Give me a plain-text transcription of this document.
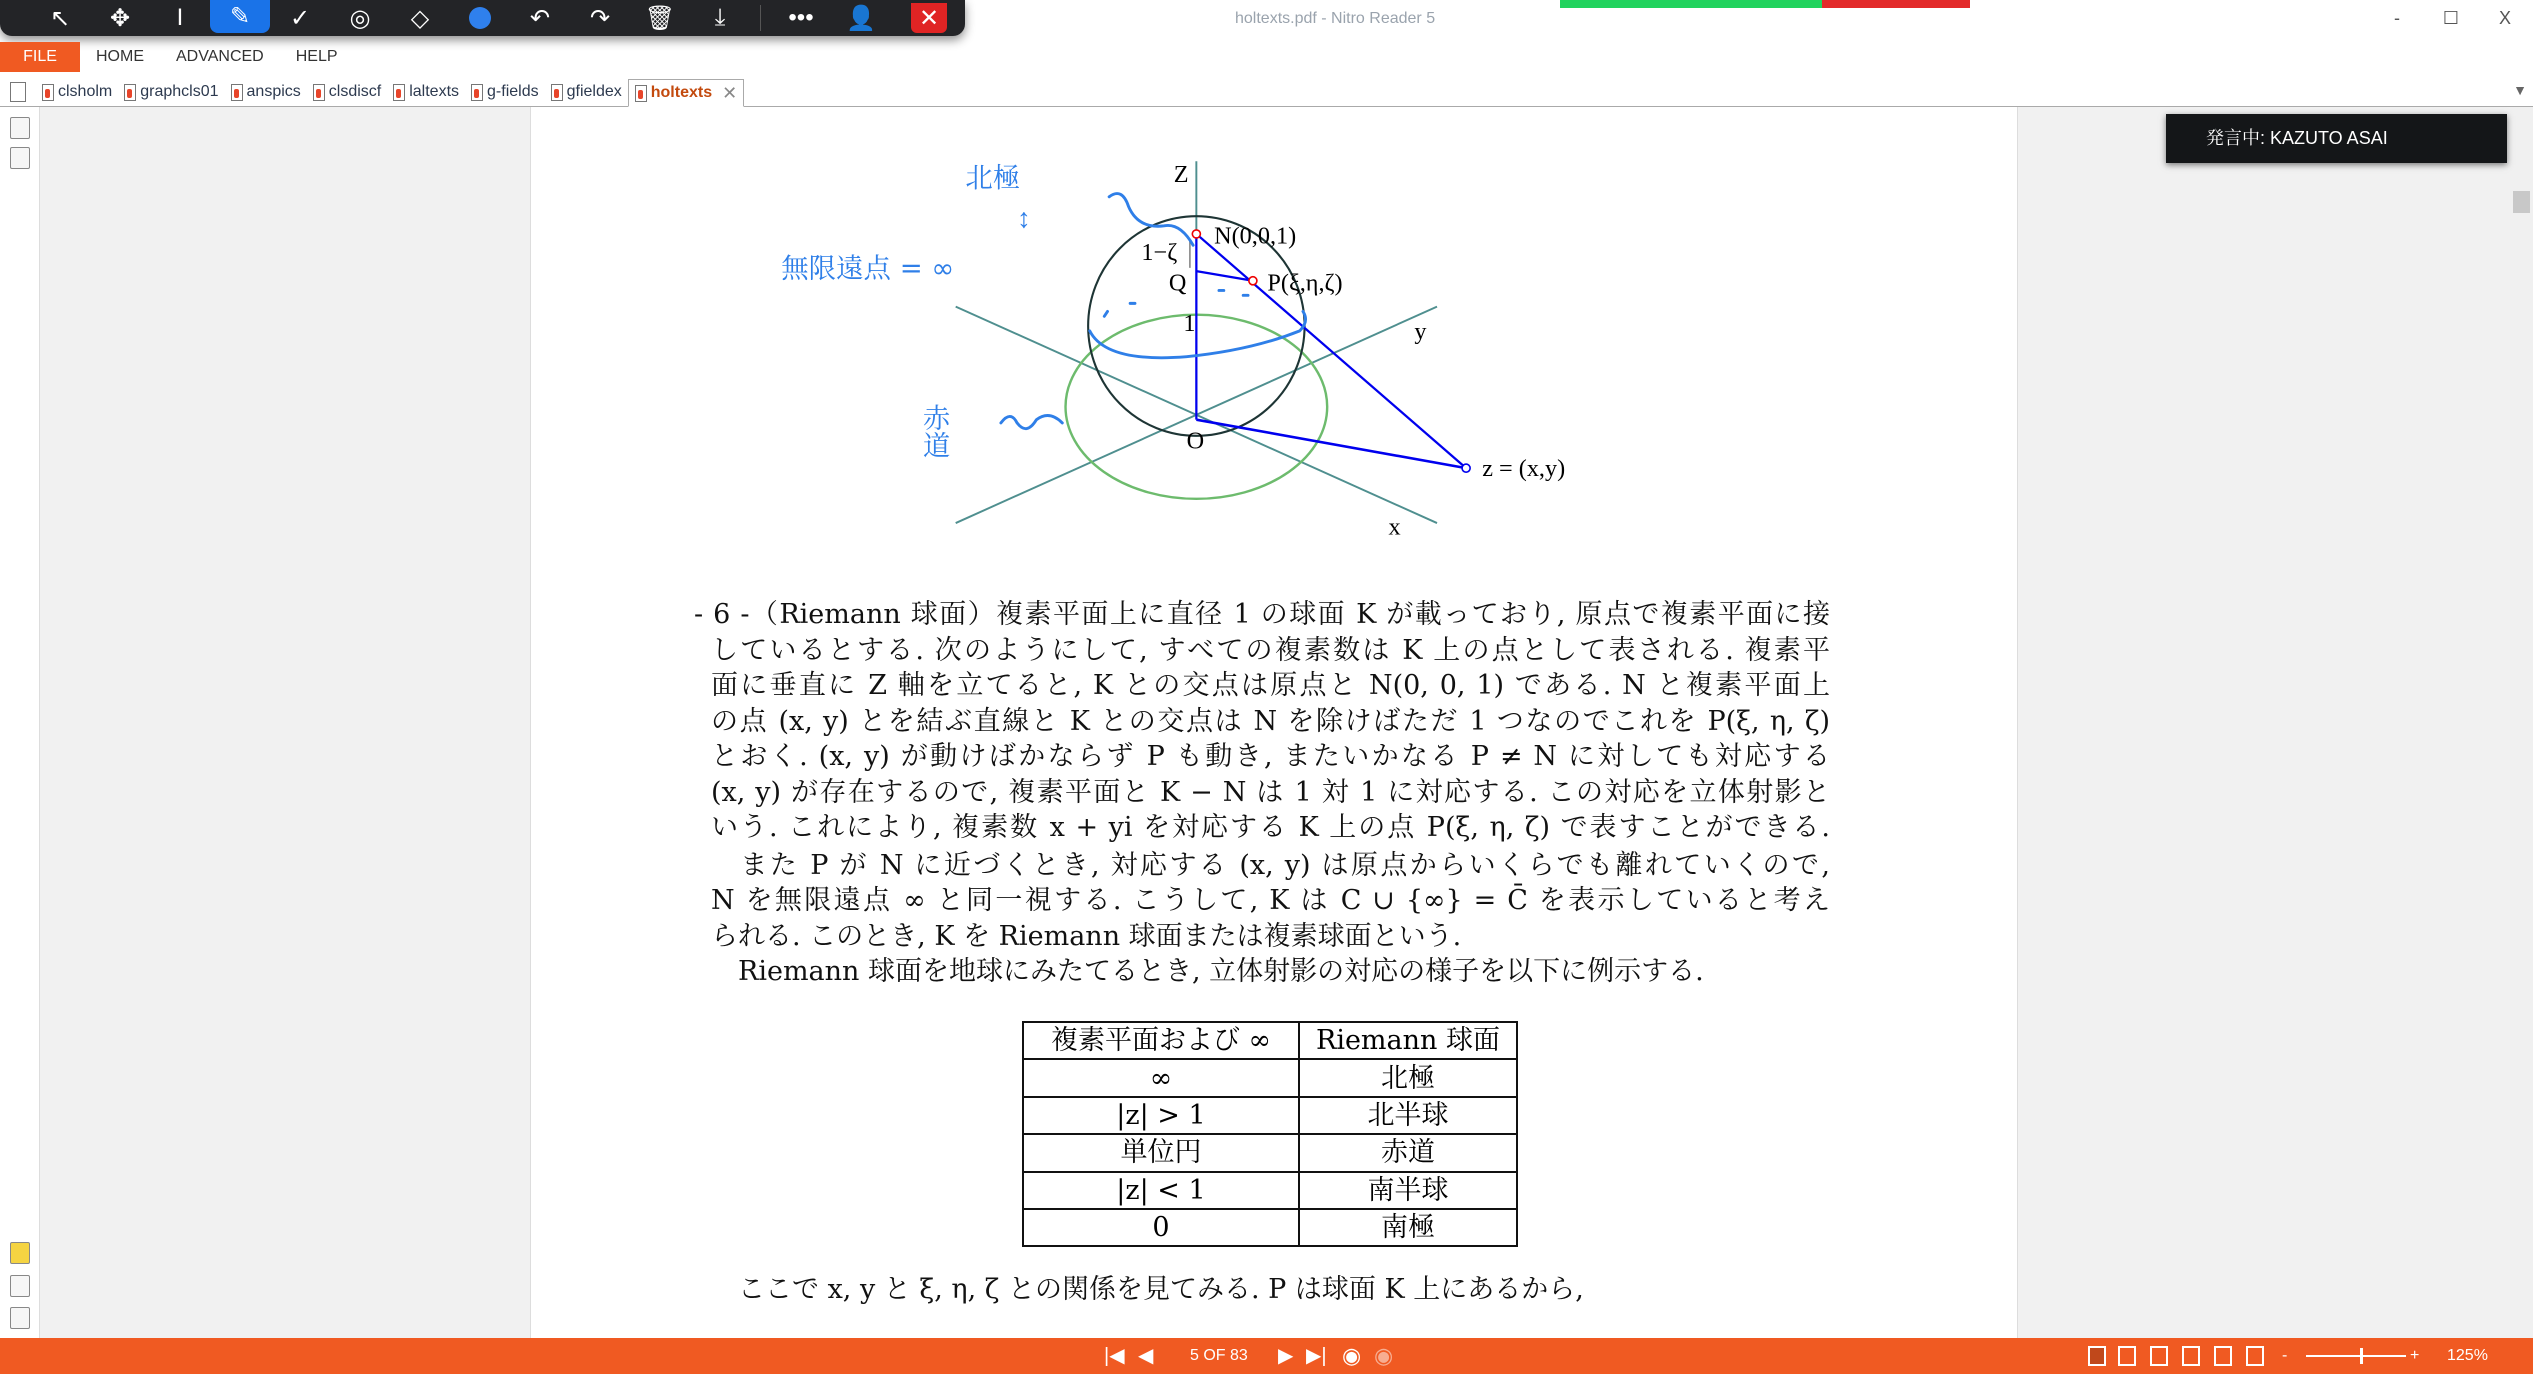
↖	✥	I	✎	✓	◎	◇	↶	↷	🗑	⤓	•••	👤	✕	holtexts.pdf - Nitro Reader 5	-	☐	X
FILE	HOME	ADVANCED	HELP
clsholm graphcls01 anspics clsdiscf laltexts g-fields gfieldex holtexts ✕	▼
Z
N(0,0,1)
1−ζ
Q	P(ξ,η,ζ)
1	y
O
z = (x,y)
x
北極
↕
無限遠点 = ∞
赤道
- 6 -（Riemann 球面）複素平面上に直径 1 の球面 K が載っており, 原点で複素平面に接
しているとする. 次のようにして, すべての複素数は K 上の点として表される. 複素平
面に垂直に Z 軸を立てると, K との交点は原点と N(0, 0, 1) である. N と複素平面上
の点 (x, y) とを結ぶ直線と K との交点は N を除けばただ 1 つなのでこれを P(ξ, η, ζ)
とおく. (x, y) が動けばかならず P も動き, またいかなる P ≠ N に対しても対応する
(x, y) が存在するので, 複素平面と K − N は 1 対 1 に対応する. この対応を立体射影と
いう. これにより, 複素数 x + yi を対応する K 上の点 P(ξ, η, ζ) で表すことができる.
　また P が N に近づくとき, 対応する (x, y) は原点からいくらでも離れていくので,
N を無限遠点 ∞ と同一視する. こうして, K は C ∪ {∞} = C̄ を表示していると考え
られる. このとき, K を Riemann 球面または複素球面という.
　Riemann 球面を地球にみたてるとき, 立体射影の対応の様子を以下に例示する.
複素平面および ∞	Riemann 球面
∞	北極
|z| > 1	北半球
単位円	赤道
|z| < 1	南半球
0	南極
　ここで x, y と ξ, η, ζ との関係を見てみる. P は球面 K 上にあるから,
発言中: KAZUTO ASAI
|◀ ◀ 5 OF 83 ▶ ▶| ◉ ◉	-	+ 125%
